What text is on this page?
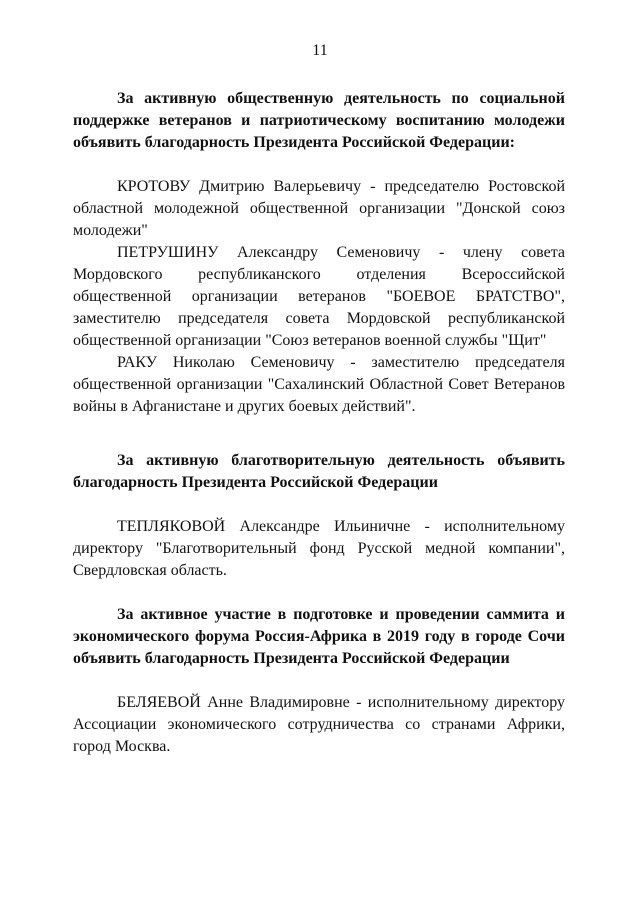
11

За активную общественную деятельность по социальной поддержке ветеранов и патриотическому воспитанию молодежи объявить благодарность Президента Российской Федерации:

КРОТОВУ Дмитрию Валерьевичу - председателю Ростовской областной молодежной общественной организации "Донской союз молодежи"

ПЕТРУШИНУ Александру Семеновичу - члену совета Мордовского республиканского отделения Всероссийской общественной организации ветеранов "БОЕВОЕ БРАТСТВО", заместителю председателя совета Мордовской республиканской общественной организации "Союз ветеранов военной службы "Щит"

РАКУ Николаю Семеновичу - заместителю председателя общественной организации "Сахалинский Областной Совет Ветеранов войны в Афганистане и других боевых действий".

За активную благотворительную деятельность объявить благодарность Президента Российской Федерации

ТЕПЛЯКОВОЙ Александре Ильиничне - исполнительному директору "Благотворительный фонд Русской медной компании", Свердловская область.

За активное участие в подготовке и проведении саммита и экономического форума Россия-Африка в 2019 году в городе Сочи объявить благодарность Президента Российской Федерации

БЕЛЯЕВОЙ Анне Владимировне - исполнительному директору Ассоциации экономического сотрудничества со странами Африки, город Москва.
